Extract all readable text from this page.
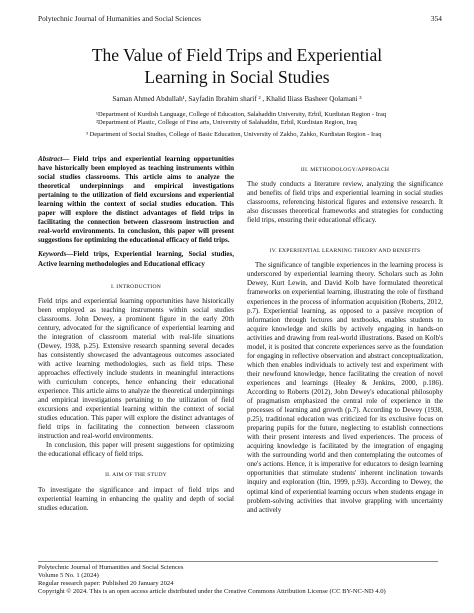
Polytechnic Journal of Humanities and Social Sciences	354
The Value of Field Trips and Experiential Learning in Social Studies
Saman Ahmed Abdullah¹, Sayfadin Ibrahim sharif ² , Khalid Iliass Basheer Qolamani ³
¹Department of Kurdish Language, College of Education, Salahaddin University, Erbil, Kurdistan Region - Iraq
²Department of Plastic, College of Fine arts, University of Salahaddin, Erbil, Kurdistan Region, Iraq
³ Department of Social Studies, College of Basic Education, University of Zakho, Zahko, Kurdistan Region - Iraq

Abstract— Field trips and experiential learning opportunities have historically been employed as teaching instruments within social studies classrooms. This article aims to analyze the theoretical underpinnings and empirical investigations pertaining to the utilization of field excursions and experiential learning within the context of social studies education. This paper will explore the distinct advantages of field trips in facilitating the connection between classroom instruction and real-world environments. In conclusion, this paper will present suggestions for optimizing the educational efficacy of field trips.

Keywords—Field trips, Experiential learning, Social studies, Active learning methodologies and Educational efficacy

I. INTRODUCTION

Field trips and experiential learning opportunities have historically been employed as teaching instruments within social studies classrooms. John Dewey, a prominent figure in the early 20th century, advocated for the significance of experiential learning and the integration of classroom material with real-life situations (Dewey, 1938, p.25). Extensive research spanning several decades has consistently showcased the advantageous outcomes associated with active learning methodologies, such as field trips. These approaches effectively include students in meaningful interactions with curriculum concepts, hence enhancing their educational experience. This article aims to analyze the theoretical underpinnings and empirical investigations pertaining to the utilization of field excursions and experiential learning within the context of social studies education. This paper will explore the distinct advantages of field trips in facilitating the connection between classroom instruction and real-world environments.

In conclusion, this paper will present suggestions for optimizing the educational efficacy of field trips.

II. AIM OF THE STUDY

To investigate the significance and impact of field trips and experiential learning in enhancing the quality and depth of social studies education.

III. METHODOLOGY/APPROACH

The study conducts a literature review, analyzing the significance and benefits of field trips and experiential learning in social studies classrooms, referencing historical figures and extensive research. It also discusses theoretical frameworks and strategies for conducting field trips, ensuring their educational efficacy.

IV. EXPERIENTIAL LEARNING THEORY AND BENEFITS

The significance of tangible experiences in the learning process is underscored by experiential learning theory. Scholars such as John Dewey, Kurt Lewin, and David Kolb have formulated theoretical frameworks on experiential learning, illustrating the role of firsthand experiences in the process of information acquisition (Roberts, 2012, p.7). Experiential learning, as opposed to a passive reception of information through lectures and textbooks, enables students to acquire knowledge and skills by actively engaging in hands-on activities and drawing from real-world illustrations. Based on Kolb's model, it is posited that concrete experiences serve as the foundation for engaging in reflective observation and abstract conceptualization, which then enables individuals to actively test and experiment with their newfound knowledge, hence facilitating the creation of novel experiences and learnings (Healey & Jenkins, 2000, p.186). According to Roberts (2012), John Dewey's educational philosophy of pragmatism emphasized the central role of experience in the processes of learning and growth (p.7). According to Dewey (1938, p.25), traditional education was criticized for its exclusive focus on preparing pupils for the future, neglecting to establish connections with their present interests and lived experiences. The process of acquiring knowledge is facilitated by the integration of engaging with the surrounding world and then contemplating the outcomes of one's actions. Hence, it is imperative for educators to design learning opportunities that stimulate students' inherent inclination towards inquiry and exploration (Itin, 1999, p.93). According to Dewey, the optimal kind of experiential learning occurs when students engage in problem-solving activities that involve grappling with uncertainty and actively

Polytechnic Journal of Humanities and Social Sciences
Volume 5 No. 1 (2024)
Regular research paper: Published 20 January 2024
Copyright © 2024. This is an open access article distributed under the Creative Commons Attribution License (CC BY-NC-ND 4.0)
